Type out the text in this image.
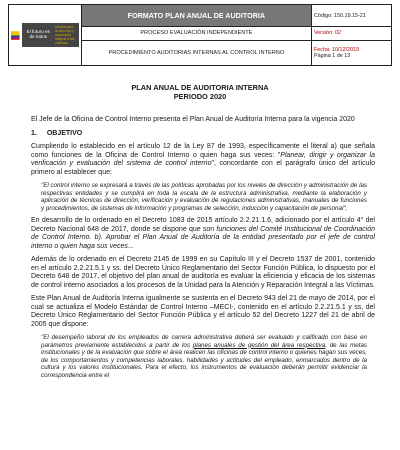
El futuro es de todos
Unidad para la atención y reparación integral a las víctimas	FORMATO PLAN ANUAL DE AUDITORIA	Código: 150.19.15-21
	PROCESO EVALUACIÓN INDEPENDIENTE	Versión: 02
	PROCEDIMIENTO AUDITORIAS INTERNAS AL CONTROL INTERNO	Fecha: 10/12/2019
Página 1 de 13
PLAN ANUAL DE AUDITORIA INTERNA
PERIODO 2020

El Jefe de la Oficina de Control Interno presenta el Plan Anual de Auditoría Interna para la vigencia 2020

1. OBJETIVO

Cumpliendo lo establecido en el artículo 12 de la Ley 87 de 1993, específicamente el literal a) que señala como funciones de la Oficina de Control Interno o quien haga sus veces: "Planear, dirigir y organizar la verificación y evaluación del sistema de control interno", concordante con el parágrafo único del artículo primero al establecer que:

"El control interno se expresará a través de las políticas aprobadas por los niveles de dirección y administración de las respectivas entidades y se cumplirá en toda la escala de la estructura administrativa, mediante la elaboración y aplicación de técnicas de dirección, verificación y evaluación de regulaciones administrativas, manuales de funciones y procedimientos, de sistemas de información y programas de selección, inducción y capacitación de personal",

En desarrollo de lo ordenado en el Decreto 1083 de 2015 artículo 2.2.21.1.6, adicionado por el artículo 4° del Decreto Nacional 648 de 2017, donde se dispone que son funciones del Comité Institucional de Coordinación de Control Interno. b). Aprobar el Plan Anual de Auditoría de la entidad presentado por el jefe de control interno o quien haga sus veces...

Además de lo ordenado en el Decreto 2145 de 1999 en su Capítulo III y el Decreto 1537 de 2001, contenido en el artículo 2.2.21.5.1 y ss. del Decreto Único Reglamentario del Sector Función Pública, lo dispuesto por el Decreto 648 de 2017, el objetivo del plan anual de auditoría es evaluar la eficiencia y eficacia de los sistemas de control interno asociados a los procesos de la Unidad para la Atención y Reparación Integral a las Víctimas.

Este Plan Anual de Auditoría Interna igualmente se sustenta en el Decreto 943 del 21 de mayo de 2014, por el cual se actualiza el Modelo Estándar de Control Interno –MECI-, contenido en el artículo 2.2.21.5.1 y ss, del Decreto Único Reglamentario del Sector Función Pública y el artículo 52 del Decreto 1227 del 21 de abril de 2005 que dispone:

"El desempeño laboral de los empleados de carrera administrativa deberá ser evaluado y calificado con base en parámetros previamente establecidos a partir de los planes anuales de gestión del área respectiva, de las metas institucionales y de la evaluación que sobre el área realicen las oficinas de control interno o quienes hagan sus veces, de los comportamientos y competencias laborales, habilidades y actitudes del empleado, enmarcados dentro de la cultura y los valores institucionales. Para el efecto, los instrumentos de evaluación deberán permitir evidenciar la correspondencia entre el
